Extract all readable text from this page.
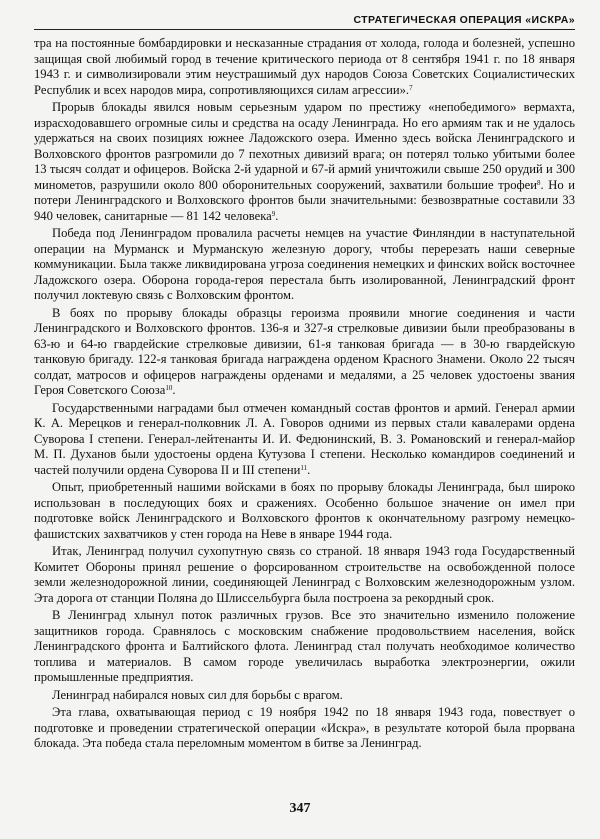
СТРАТЕГИЧЕСКАЯ ОПЕРАЦИЯ «ИСКРА»

тра на постоянные бомбардировки и несказанные страдания от холода, голода и болезней, успешно защищая свой любимый город в течение критического периода от 8 сентября 1941 г. по 18 января 1943 г. и символизировали этим неустрашимый дух народов Союза Советских Социалистических Республик и всех народов мира, сопротивляющихся силам агрессии».$^7$

Прорыв блокады явился новым серьезным ударом по престижу «непобедимого» вермахта, израсходовавшего огромные силы и средства на осаду Ленинграда. Но его армиям так и не удалось удержаться на своих позициях южнее Ладожского озера. Именно здесь войска Ленинградского и Волховского фронтов разгромили до 7 пехотных дивизий врага; он потерял только убитыми более 13 тысяч солдат и офицеров. Войска 2-й ударной и 67-й армий уничтожили свыше 250 орудий и 300 минометов, разрушили около 800 оборонительных сооружений, захватили большие трофеи$^8$. Но и потери Ленинградского и Волховского фронтов были значительными: безвозвратные составили 33 940 человек, санитарные — 81 142 человека$^9$.

Победа под Ленинградом провалила расчеты немцев на участие Финляндии в наступательной операции на Мурманск и Мурманскую железную дорогу, чтобы перерезать наши северные коммуникации. Была также ликвидирована угроза соединения немецких и финских войск восточнее Ладожского озера. Оборона города-героя перестала быть изолированной, Ленинградский фронт получил локтевую связь с Волховским фронтом.

В боях по прорыву блокады образцы героизма проявили многие соединения и части Ленинградского и Волховского фронтов. 136-я и 327-я стрелковые дивизии были преобразованы в 63-ю и 64-ю гвардейские стрелковые дивизии, 61-я танковая бригада — в 30-ю гвардейскую танковую бригаду. 122-я танковая бригада награждена орденом Красного Знамени. Около 22 тысяч солдат, матросов и офицеров награждены орденами и медалями, а 25 человек удостоены звания Героя Советского Союза$^{10}$.

Государственными наградами был отмечен командный состав фронтов и армий. Генерал армии К. А. Мерецков и генерал-полковник Л. А. Говоров одними из первых стали кавалерами ордена Суворова I степени. Генерал-лейтенанты И. И. Федюнинский, В. З. Романовский и генерал-майор М. П. Духанов были удостоены ордена Кутузова I степени. Несколько командиров соединений и частей получили ордена Суворова II и III степени$^{11}$.

Опыт, приобретенный нашими войсками в боях по прорыву блокады Ленинграда, был широко использован в последующих боях и сражениях. Особенно большое значение он имел при подготовке войск Ленинградского и Волховского фронтов к окончательному разгрому немецко-фашистских захватчиков у стен города на Неве в январе 1944 года.

Итак, Ленинград получил сухопутную связь со страной. 18 января 1943 года Государственный Комитет Обороны принял решение о форсированном строительстве на освобожденной полосе земли железнодорожной линии, соединяющей Ленинград с Волховским железнодорожным узлом. Эта дорога от станции Поляна до Шлиссельбурга была построена за рекордный срок.

В Ленинград хлынул поток различных грузов. Все это значительно изменило положение защитников города. Сравнялось с московским снабжение продовольствием населения, войск Ленинградского фронта и Балтийского флота. Ленинград стал получать необходимое количество топлива и материалов. В самом городе увеличилась выработка электроэнергии, ожили промышленные предприятия.

Ленинград набирался новых сил для борьбы с врагом.

Эта глава, охватывающая период с 19 ноября 1942 по 18 января 1943 года, повествует о подготовке и проведении стратегической операции «Искра», в результате которой была прорвана блокада. Эта победа стала переломным моментом в битве за Ленинград.

347
